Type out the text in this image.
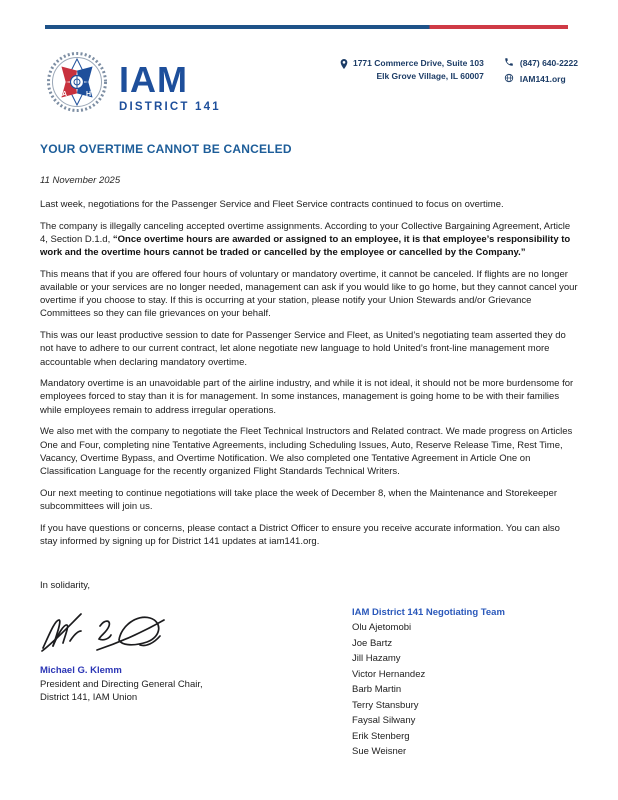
A	H IAM
DISTRICT 141
1771 Commerce Drive, Suite 103
Elk Grove Village, IL 60007
(847) 640-2222
IAM141.org
YOUR OVERTIME CANNOT BE CANCELED

11 November 2025

Last week, negotiations for the Passenger Service and Fleet Service contracts continued to focus on overtime.

The company is illegally canceling accepted overtime assignments. According to your Collective Bargaining Agreement, Article 4, Section D.1.d, “Once overtime hours are awarded or assigned to an employee, it is that employee’s responsibility to work and the overtime hours cannot be traded or cancelled by the employee or cancelled by the Company.”

This means that if you are offered four hours of voluntary or mandatory overtime, it cannot be canceled. If flights are no longer available or your services are no longer needed, management can ask if you would like to go home, but they cannot cancel your overtime if you choose to stay. If this is occurring at your station, please notify your Union Stewards and/or Grievance Committees so they can file grievances on your behalf.

This was our least productive session to date for Passenger Service and Fleet, as United’s negotiating team asserted they do not have to adhere to our current contract, let alone negotiate new language to hold United’s front-line management more accountable when declaring mandatory overtime.

Mandatory overtime is an unavoidable part of the airline industry, and while it is not ideal, it should not be more burdensome for employees forced to stay than it is for management. In some instances, management is going home to be with their families while employees remain to address irregular operations.

We also met with the company to negotiate the Fleet Technical Instructors and Related contract. We made progress on Articles One and Four, completing nine Tentative Agreements, including Scheduling Issues, Auto, Reserve Release Time, Rest Time, Vacancy, Overtime Bypass, and Overtime Notification. We also completed one Tentative Agreement in Article One on Classification Language for the recently organized Flight Standards Technical Writers.

Our next meeting to continue negotiations will take place the week of December 8, when the Maintenance and Storekeeper subcommittees will join us.

If you have questions or concerns, please contact a District Officer to ensure you receive accurate information. You can also stay informed by signing up for District 141 updates at iam141.org.

In solidarity,

Michael G. Klemm
President and Directing General Chair,
District 141, IAM Union
IAM District 141 Negotiating Team
Olu Ajetomobi
Joe Bartz
Jill Hazamy
Victor Hernandez
Barb Martin
Terry Stansbury
Faysal Silwany
Erik Stenberg
Sue Weisner
